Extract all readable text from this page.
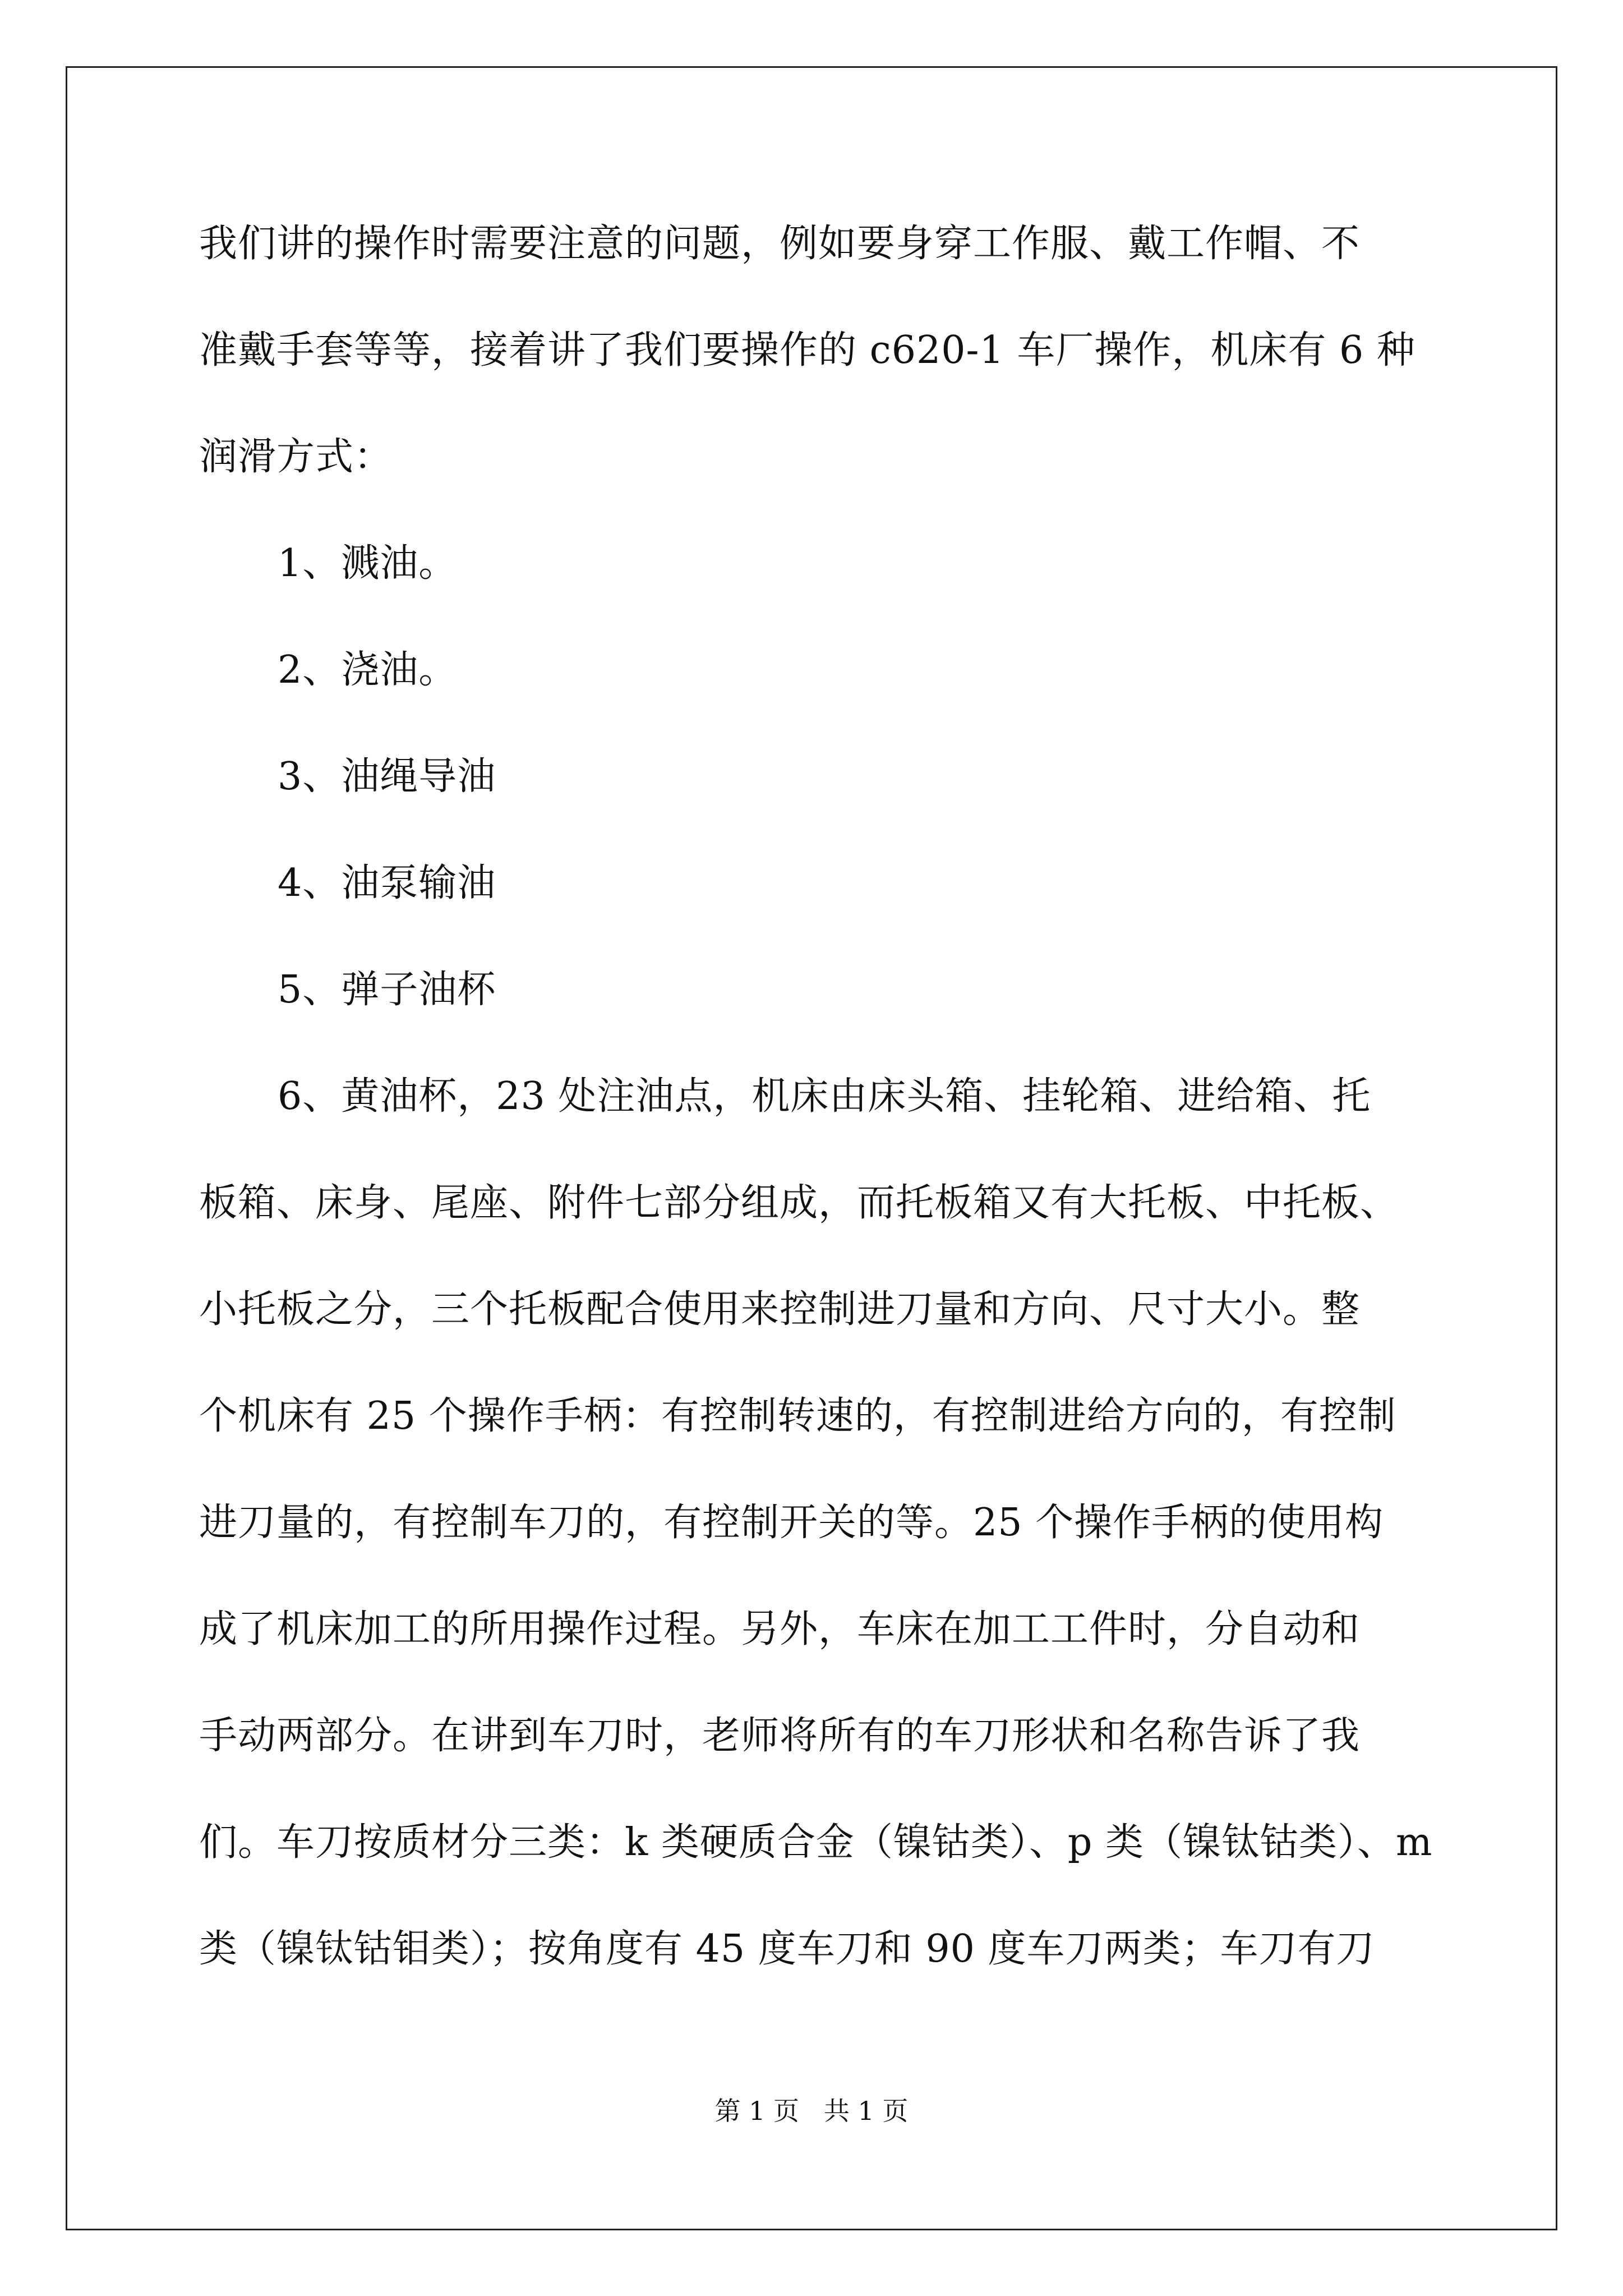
我们讲的操作时需要注意的问题，例如要身穿工作服、戴工作帽、不
准戴手套等等，接着讲了我们要操作的 c620-1 车厂操作，机床有 6 种
润滑方式：
1、溅油。
2、浇油。
3、油绳导油
4、油泵输油
5、弹子油杯
6、黄油杯，23 处注油点，机床由床头箱、挂轮箱、进给箱、托
板箱、床身、尾座、附件七部分组成，而托板箱又有大托板、中托板、
小托板之分，三个托板配合使用来控制进刀量和方向、尺寸大小。整
个机床有 25 个操作手柄：有控制转速的，有控制进给方向的，有控制
进刀量的，有控制车刀的，有控制开关的等。25 个操作手柄的使用构
成了机床加工的所用操作过程。另外，车床在加工工件时，分自动和
手动两部分。在讲到车刀时，老师将所有的车刀形状和名称告诉了我
们。车刀按质材分三类：k 类硬质合金（镍钴类）、p 类（镍钛钴类）、m
类（镍钛钴钼类）；按角度有 45 度车刀和 90 度车刀两类；车刀有刀
第 1 页   共 1 页
